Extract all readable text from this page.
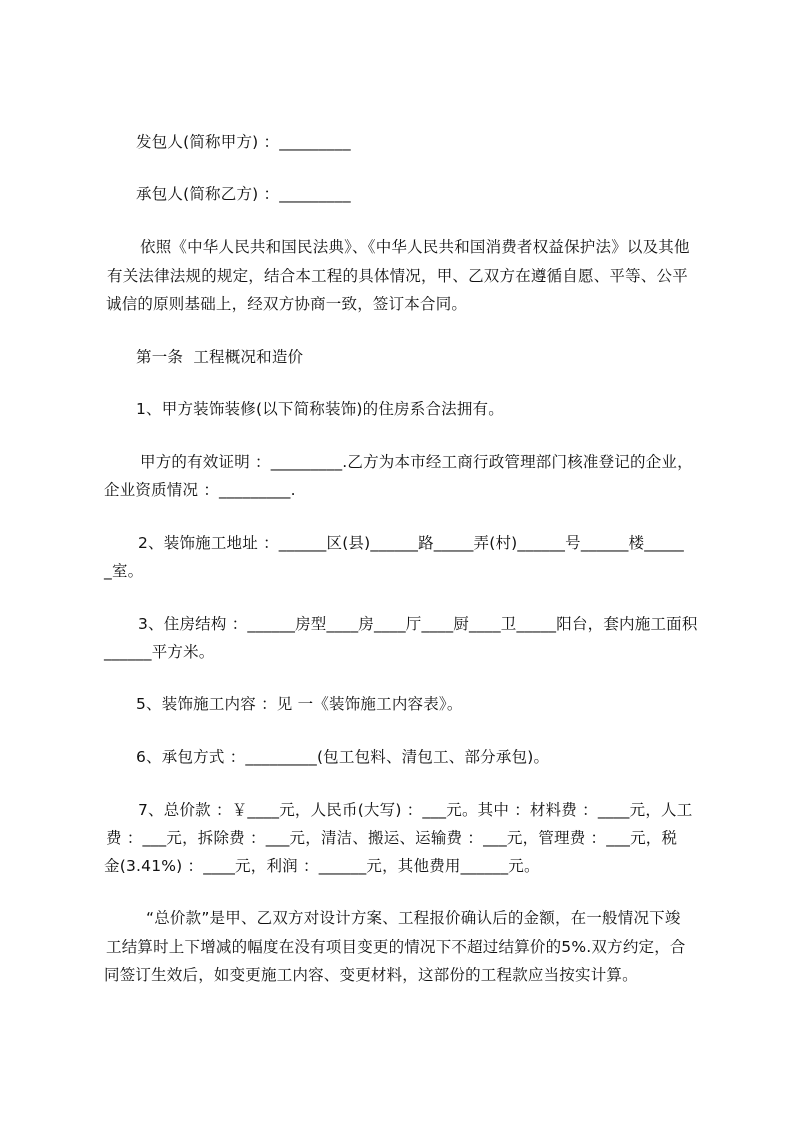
发包人(简称甲方) ：_________
承包人(简称乙方) ：_________
依照《中华人民共和国民法典》、《中华人民共和国消费者权益保护法》以及其他
有关法律法规的规定，结合本工程的具体情况，甲、乙双方在遵循自愿、平等、公平
诚信的原则基础上，经双方协商一致，签订本合同。
第一条  工程概况和造价
1、甲方装饰装修(以下简称装饰)的住房系合法拥有。
甲方的有效证明 ：_________.乙方为本市经工商行政管理部门核准登记的企业，
企业资质情况 ：_________.
2、装饰施工地址 ：______区(县)______路_____弄(村)______号______楼_____
_室。
3、住房结构 ：______房型____房____厅____厨____卫_____阳台，套内施工面积
______平方米。
5、装饰施工内容 ：见 一《装饰施工内容表》。
6、承包方式 ：_________(包工包料、清包工、部分承包)。
7、总价款 ：￥____元，人民币(大写) ：___元。其中 ：材料费 ：____元，人工
费 ：___元，拆除费 ：___元，清洁、搬运、运输费 ：___元，管理费 ：___元，税
金(3.41%) ：____元，利润 ：______元，其他费用______元。
“总价款”是甲、乙双方对设计方案、工程报价确认后的金额，在一般情况下竣
工结算时上下增减的幅度在没有项目变更的情况下不超过结算价的5%.双方约定，合
同签订生效后，如变更施工内容、变更材料，这部份的工程款应当按实计算。
